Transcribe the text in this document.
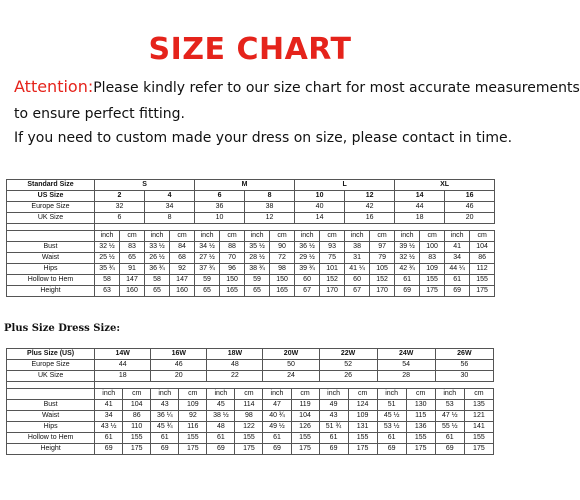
SIZE CHART
Attention:Please kindly refer to our size chart for most accurate measurements
to ensure perfect fitting.
If you need to custom made your dress on size, please contact in time.
Standard Size	S				M				L				XL			
US Size	2		4		6		8		10		12		14		16	
Europe Size	32		34		36		38		40		42		44		46	
UK Size	6		8		10		12		14		16		18		20	

	inch	cm	inch	cm	inch	cm	inch	cm	inch	cm	inch	cm	inch	cm	inch	cm
Bust	32 ½	83	33 ½	84	34 ½	88	35 ½	90	36 ½	93	38	97	39 ½	100	41	104
Waist	25 ½	65	26 ½	68	27 ½	70	28 ½	72	29 ½	75	31	79	32 ½	83	34	86
Hips	35 ¾	91	36 ¾	92	37 ¾	96	38 ¾	98	39 ¾	101	41 ¼	105	42 ¾	109	44 ¼	112
Hollow to Hem	58	147	58	147	59	150	59	150	60	152	60	152	61	155	61	155
Height	63	160	65	160	65	165	65	165	67	170	67	170	69	175	69	175
Plus Size Dress Size:
Plus Size (US)	14W		16W		18W		20W		22W		24W		26W	
Europe Size	44		46		48		50		52		54		56	
UK Size	18		20		22		24		26		28		30	

	inch	cm	inch	cm	inch	cm	inch	cm	inch	cm	inch	cm	inch	cm
Bust	41	104	43	109	45	114	47	119	49	124	51	130	53	135
Waist	34	86	36 ¼	92	38 ½	98	40 ¾	104	43	109	45 ½	115	47 ½	121
Hips	43 ½	110	45 ¾	116	48	122	49 ½	126	51 ¾	131	53 ½	136	55 ½	141
Hollow to Hem	61	155	61	155	61	155	61	155	61	155	61	155	61	155
Height	69	175	69	175	69	175	69	175	69	175	69	175	69	175
